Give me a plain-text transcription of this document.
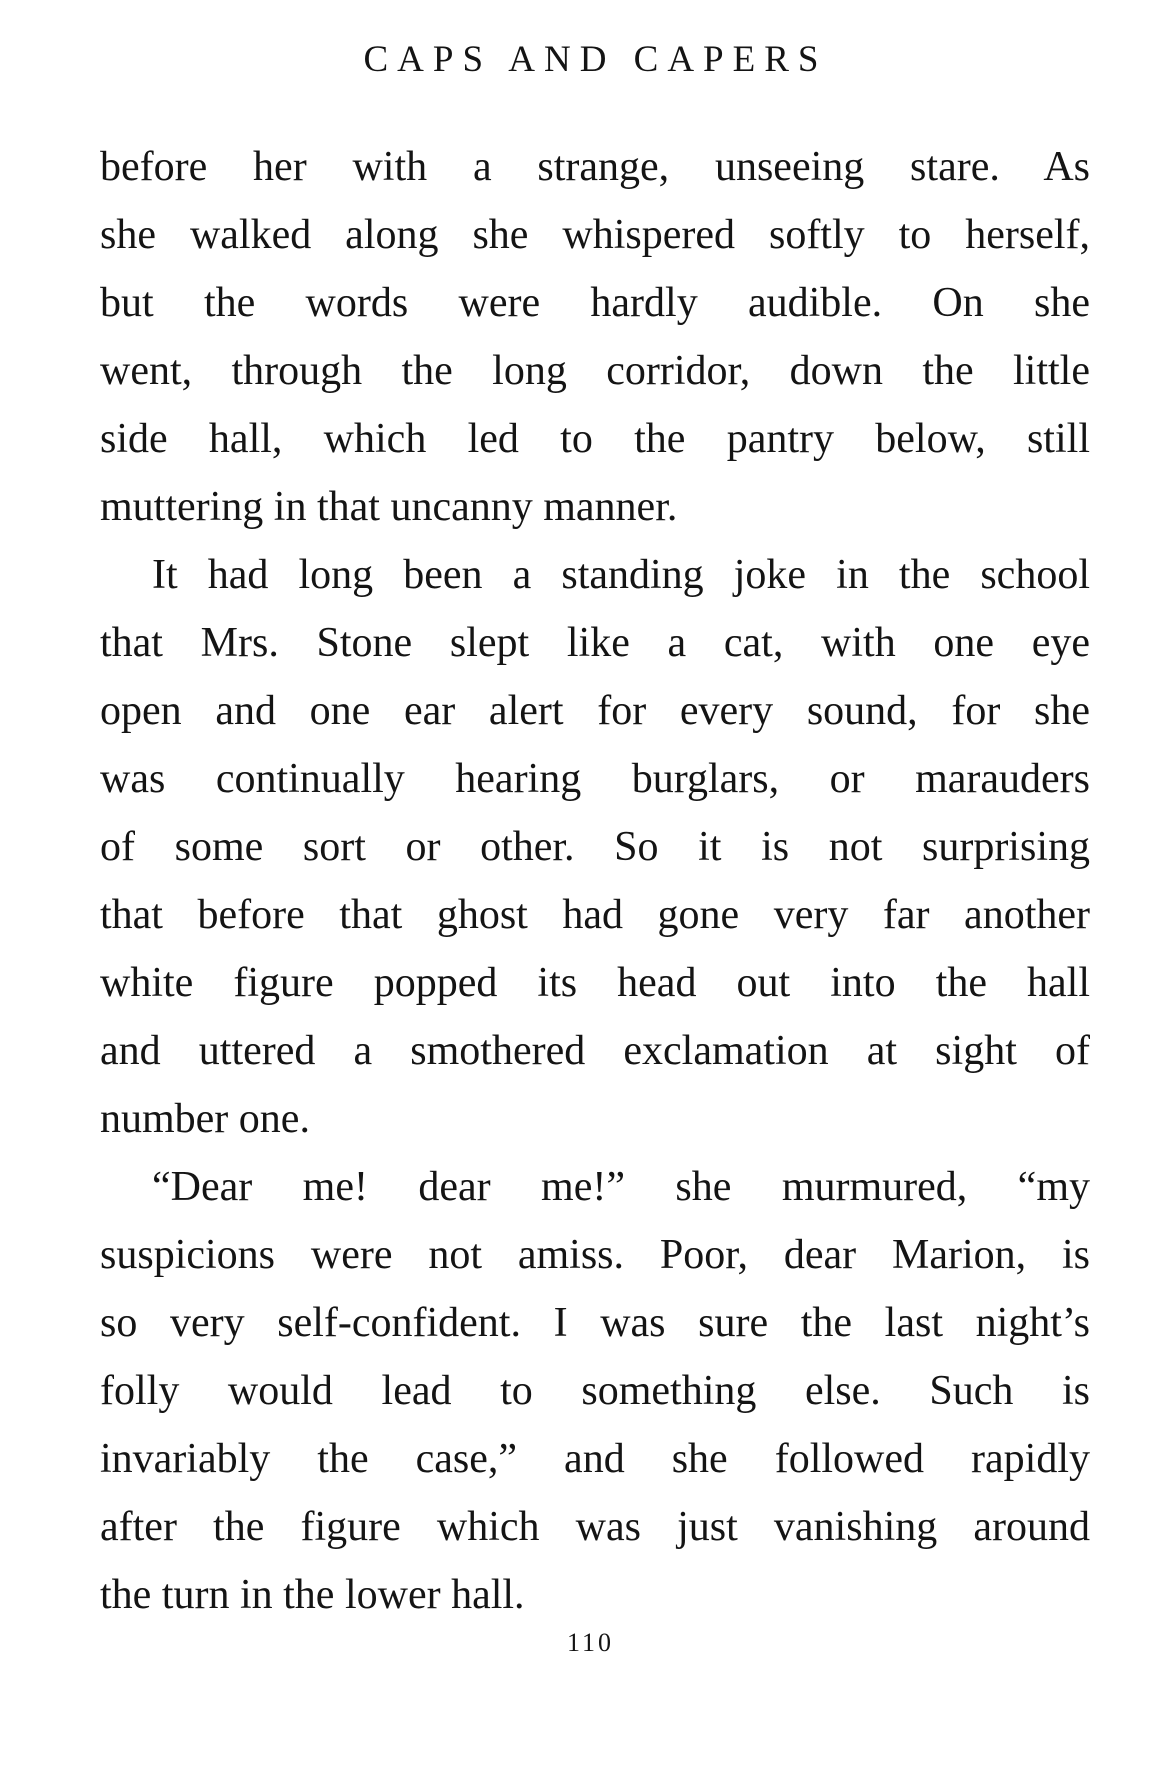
CAPS AND CAPERS
before her with a strange, unseeing stare. As
she walked along she whispered softly to herself,
but the words were hardly audible. On she
went, through the long corridor, down the little
side hall, which led to the pantry below, still
muttering in that uncanny manner.
It had long been a standing joke in the school
that Mrs. Stone slept like a cat, with one eye
open and one ear alert for every sound, for she
was continually hearing burglars, or marauders
of some sort or other. So it is not surprising
that before that ghost had gone very far another
white figure popped its head out into the hall
and uttered a smothered exclamation at sight of
number one.
“Dear me! dear me!” she murmured, “my
suspicions were not amiss. Poor, dear Marion, is
so very self-confident. I was sure the last night’s
folly would lead to something else. Such is
invariably the case,” and she followed rapidly
after the figure which was just vanishing around
the turn in the lower hall.
110
